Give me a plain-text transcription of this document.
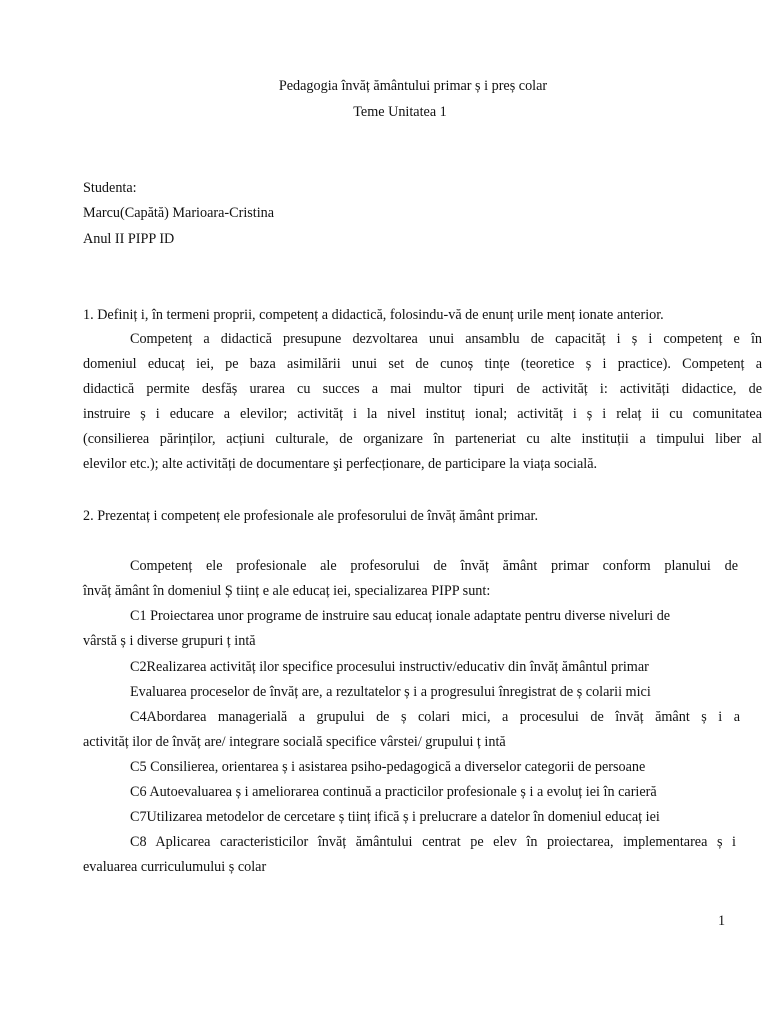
Pedagogia învăț ământului primar ș i preș colar
Teme Unitatea 1
Studenta:
Marcu(Capătă) Marioara-Cristina
Anul II PIPP ID
1. Definiț i, în termeni proprii, competenț a didactică, folosindu-vă de enunț urile menț ionate anterior.
Competenț a didactică presupune dezvoltarea unui ansamblu de capacităț i ș i competenț e în
domeniul educaț iei, pe baza asimilării unui set de cunoș tințe (teoretice ș i practice). Competenț a
didactică permite desfăș urarea cu succes a mai multor tipuri de activităț i: activități didactice, de
instruire ș i educare a elevilor; activităț i la nivel instituț ional; activităț i ș i relaț ii cu comunitatea
(consilierea părinților, acțiuni culturale, de organizare în parteneriat cu alte instituții a timpului liber al
elevilor etc.); alte activități de documentare şi perfecționare, de participare la viața socială.
2. Prezentaț i competenț ele profesionale ale profesorului de învăț ământ primar.
Competenț ele profesionale ale profesorului de învăț ământ primar conform planului de
învăț ământ în domeniul Ș tiinț e ale educaț iei, specializarea PIPP sunt:
C1 Proiectarea unor programe de instruire sau educaț ionale adaptate pentru diverse niveluri de
vârstă ș i diverse grupuri ț intă
C2Realizarea activităț ilor specifice procesului instructiv/educativ din învăț ământul primar
Evaluarea proceselor de învăț are, a rezultatelor ș i a progresului înregistrat de ș colarii mici
C4Abordarea managerială a grupului de ș colari mici, a procesului de învăț ământ ș i a
activităț ilor de învăț are/ integrare socială specifice vârstei/ grupului ț intă
C5 Consilierea, orientarea ș i asistarea psiho-pedagogică a diverselor categorii de persoane
C6 Autoevaluarea ș i ameliorarea continuă a practicilor profesionale ș i a evoluț iei în carieră
C7Utilizarea metodelor de cercetare ș tiinț ifică ș i prelucrare a datelor în domeniul educaț iei
C8 Aplicarea caracteristicilor învăț ământului centrat pe elev în proiectarea, implementarea ș i
evaluarea curriculumului ș colar
1
